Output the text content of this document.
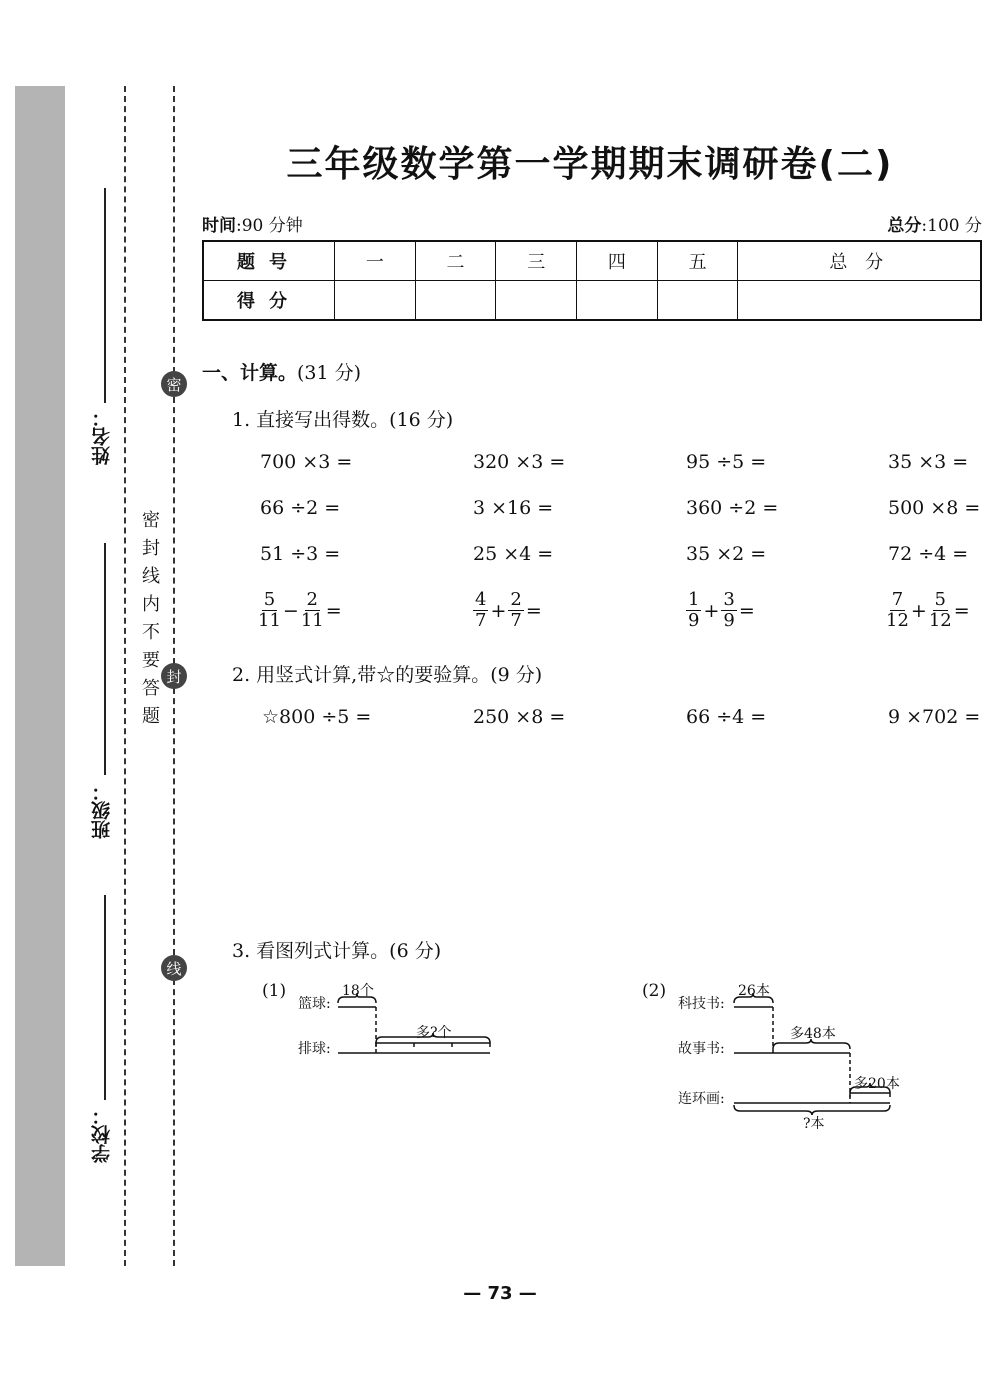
姓名：
班级：
学校：
密封线内不要答题
密
封
线
三年级数学第一学期期末调研卷(二)
时间:90 分钟	总分:100 分
题号	一	二	三	四	五	总 分
得分						
一、计算。(31 分)
1. 直接写出得数。(16 分)
700 ×3 =	320 ×3 =	95 ÷5 =	35 ×3 =
66 ÷2 =	3 ×16 =	360 ÷2 =	500 ×8 =
51 ÷3 =	25 ×4 =	35 ×2 =	72 ÷4 =
$\frac{5}{11} - \frac{2}{11}$ =	$\frac{4}{7} + \frac{2}{7}$ =	$\frac{1}{9} + \frac{3}{9}$ =	$\frac{7}{12} + \frac{5}{12}$ =
2. 用竖式计算,带☆的要验算。(9 分)
☆800 ÷5 =	250 ×8 =	66 ÷4 =	9 ×702 =
3. 看图列式计算。(6 分)
(1)
篮球:
排球:
18个
多?个
(2)
科技书:
故事书:
连环画:
26本
多48本
多20本
?本
— 73 —
